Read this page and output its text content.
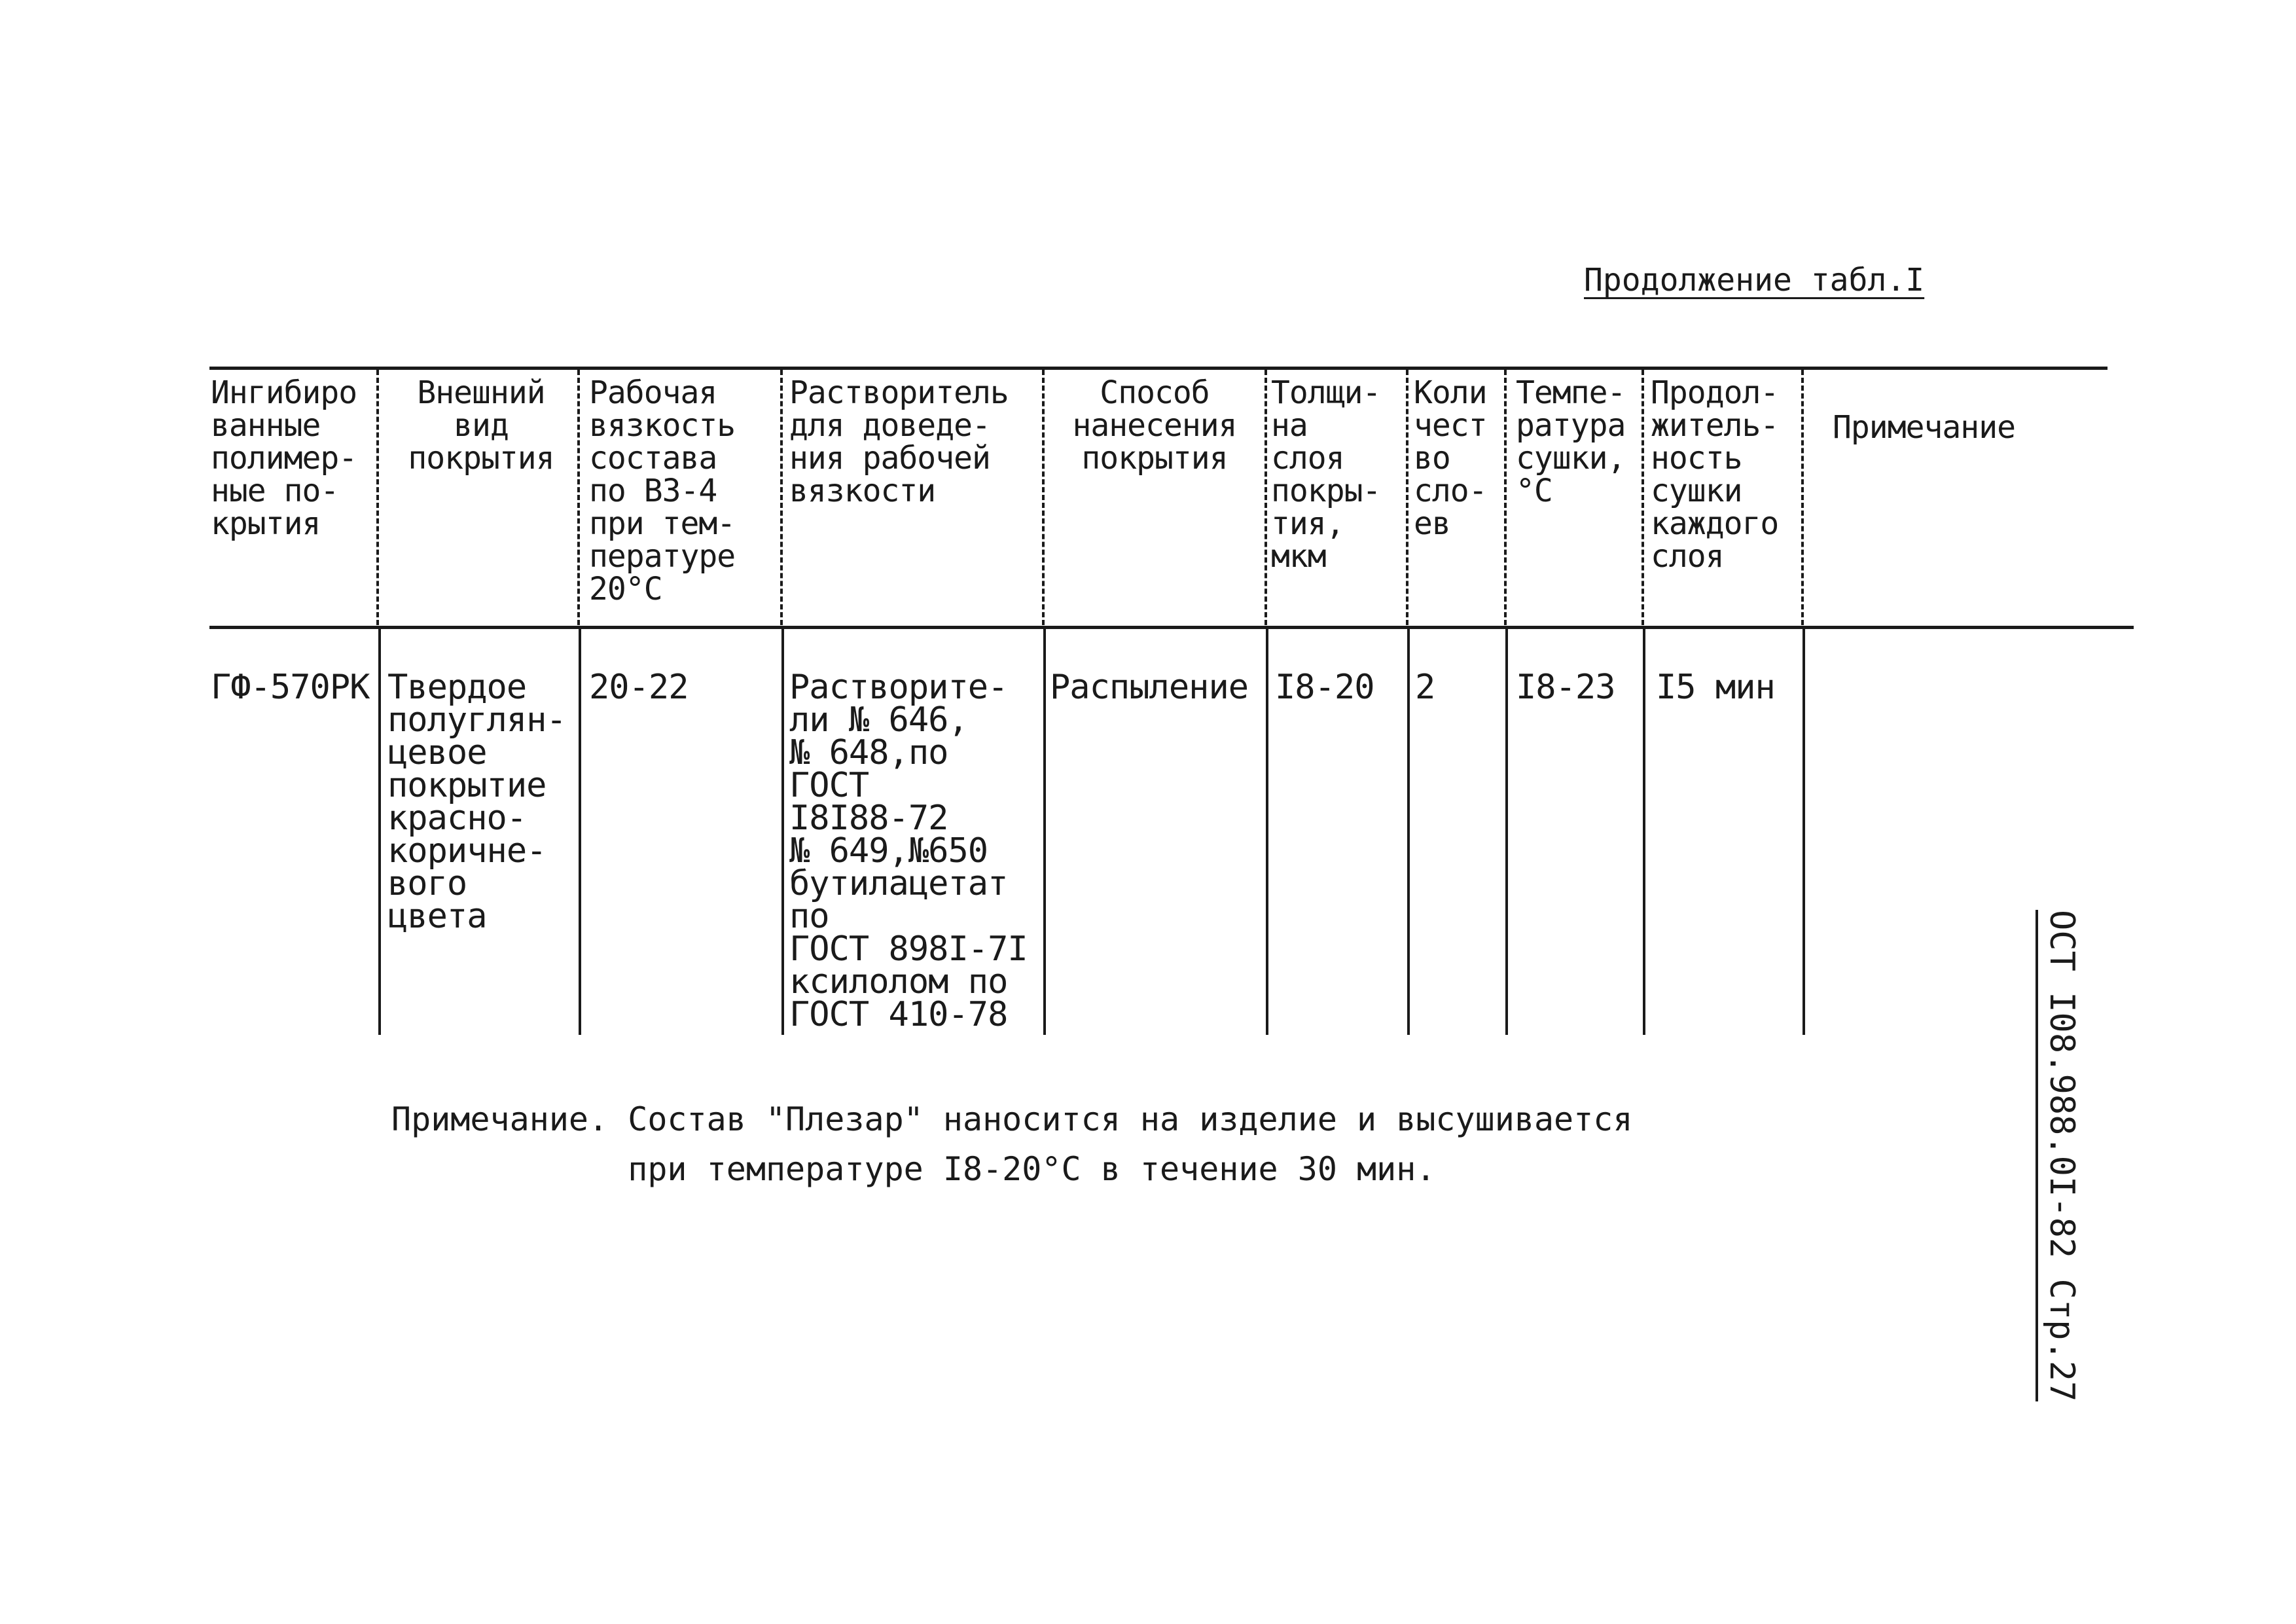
Продолжение табл.I
Ингибиро
ванные
полимер-
ные по-
крытия
Внешний
вид
покрытия
Рабочая
вязкость
состава
по ВЗ-4
при тем-
пературе
20°С
Растворитель
для доведе-
ния рабочей
вязкости
Способ
нанесения
покрытия
Толщи-
на
слоя
покры-
тия,
мкм
Коли
чест
во
сло-
ев
Темпе-
ратура
сушки,
°С
Продол-
житель-
ность
сушки
каждого
слоя
Примечание
ГФ-570РК Твердое
полуглян-
цевое
покрытие
красно-
коричне-
вого
цвета
20-22	Растворите-
ли № 646,
№ 648,по
ГОСТ
I8I88-72
№ 649,№650
бутилацетат
по
ГОСТ 898I-7I
ксилолом по
ГОСТ 410-78
Распыление I8-20 2 I8-23 I5 мин
Примечание. Состав "Плезар" наносится на изделие и высушивается
при температуре I8-20°С в течение 30 мин.	ОСТ I08.988.0I-82 Стр.27
